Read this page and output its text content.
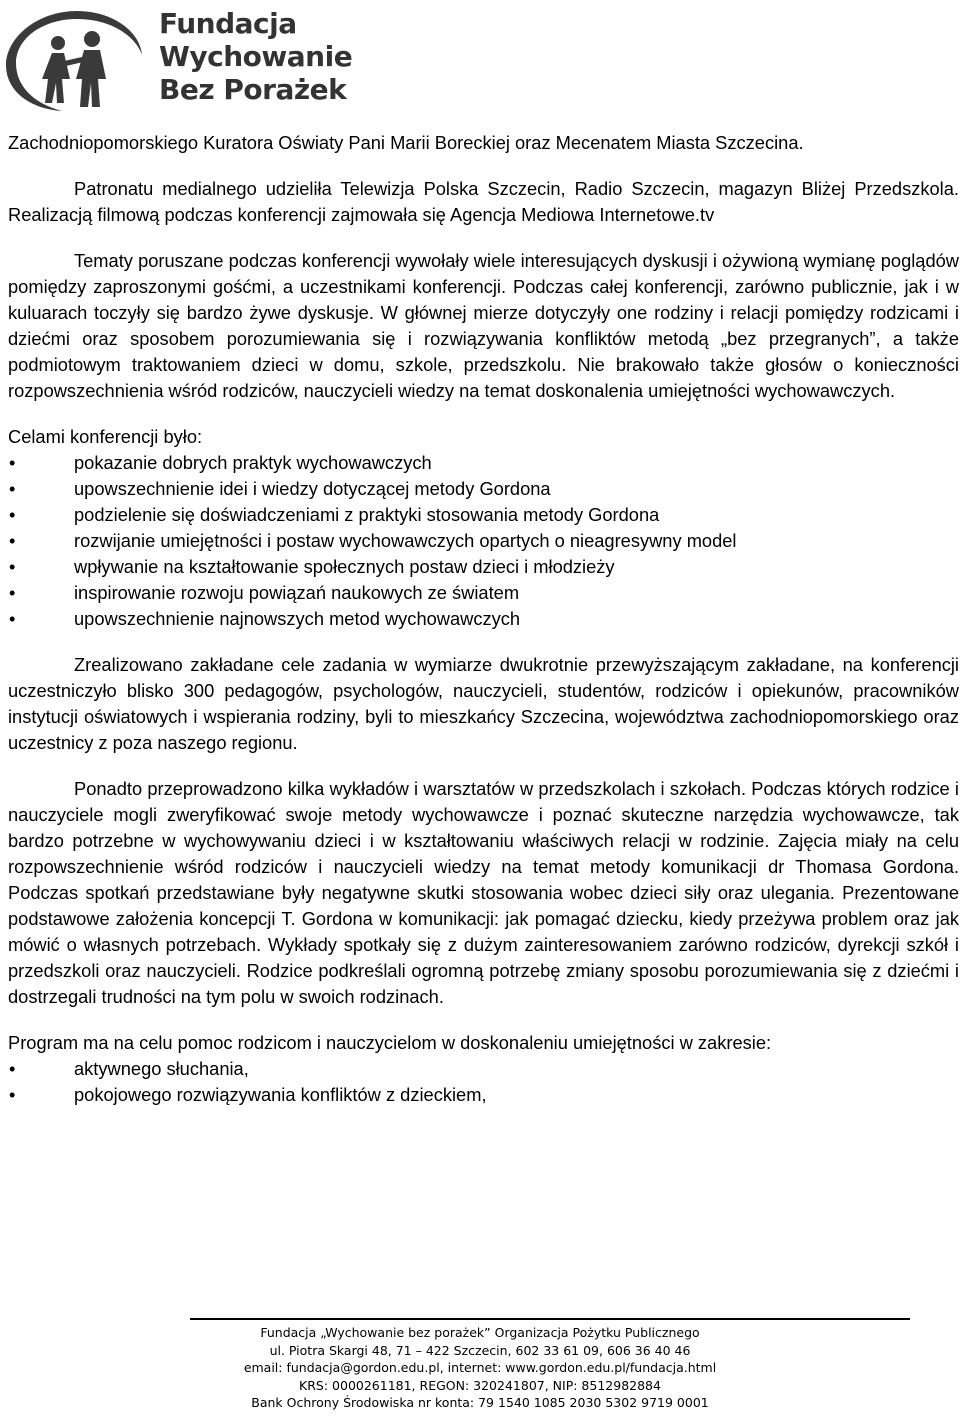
Fundacja
Wychowanie
Bez Porażek

Zachodniopomorskiego Kuratora Oświaty Pani Marii Boreckiej oraz Mecenatem Miasta Szczecina.

Patronatu medialnego udzieliła Telewizja Polska Szczecin, Radio Szczecin, magazyn Bliżej Przedszkola. Realizacją filmową podczas konferencji zajmowała się Agencja Mediowa Internetowe.tv

Tematy poruszane podczas konferencji wywołały wiele interesujących dyskusji i ożywioną wymianę poglądów pomiędzy zaproszonymi gośćmi, a uczestnikami konferencji. Podczas całej konferencji, zarówno publicznie, jak i w kuluarach toczyły się bardzo żywe dyskusje. W głównej mierze dotyczyły one rodziny i relacji pomiędzy rodzicami i dziećmi oraz sposobem porozumiewania się i rozwiązywania konfliktów metodą „bez przegranych”, a także podmiotowym traktowaniem dzieci w domu, szkole, przedszkolu. Nie brakowało także głosów o konieczności rozpowszechnienia wśród rodziców, nauczycieli wiedzy na temat doskonalenia umiejętności wychowawczych.

Celami konferencji było:

• pokazanie dobrych praktyk wychowawczych
• upowszechnienie idei i wiedzy dotyczącej metody Gordona
• podzielenie się doświadczeniami z praktyki stosowania metody Gordona
• rozwijanie umiejętności i postaw wychowawczych opartych o nieagresywny model
• wpływanie na kształtowanie społecznych postaw dzieci i młodzieży
• inspirowanie rozwoju powiązań naukowych ze światem
• upowszechnienie najnowszych metod wychowawczych

Zrealizowano zakładane cele zadania w wymiarze dwukrotnie przewyższającym zakładane, na konferencji uczestniczyło blisko 300 pedagogów, psychologów, nauczycieli, studentów, rodziców i opiekunów, pracowników instytucji oświatowych i wspierania rodziny, byli to mieszkańcy Szczecina, województwa zachodniopomorskiego oraz uczestnicy z poza naszego regionu.

Ponadto przeprowadzono kilka wykładów i warsztatów w przedszkolach i szkołach. Podczas których rodzice i nauczyciele mogli zweryfikować swoje metody wychowawcze i poznać skuteczne narzędzia wychowawcze, tak bardzo potrzebne w wychowywaniu dzieci i w kształtowaniu właściwych relacji w rodzinie. Zajęcia miały na celu rozpowszechnienie wśród rodziców i nauczycieli wiedzy na temat metody komunikacji dr Thomasa Gordona. Podczas spotkań przedstawiane były negatywne skutki stosowania wobec dzieci siły oraz ulegania. Prezentowane podstawowe założenia koncepcji T. Gordona w komunikacji: jak pomagać dziecku, kiedy przeżywa problem oraz jak mówić o własnych potrzebach. Wykłady spotkały się z dużym zainteresowaniem zarówno rodziców, dyrekcji szkół i przedszkoli oraz nauczycieli. Rodzice podkreślali ogromną potrzebę zmiany sposobu porozumiewania się z dziećmi i dostrzegali trudności na tym polu w swoich rodzinach.

Program ma na celu pomoc rodzicom i nauczycielom w doskonaleniu umiejętności w zakresie:

• aktywnego słuchania,
• pokojowego rozwiązywania konfliktów z dzieckiem,
Fundacja „Wychowanie bez porażek” Organizacja Pożytku Publicznego
ul. Piotra Skargi 48, 71 – 422 Szczecin, 602 33 61 09, 606 36 40 46
email: fundacja@gordon.edu.pl, internet: www.gordon.edu.pl/fundacja.html
KRS: 0000261181, REGON: 320241807, NIP: 8512982884
Bank Ochrony Środowiska nr konta: 79 1540 1085 2030 5302 9719 0001
